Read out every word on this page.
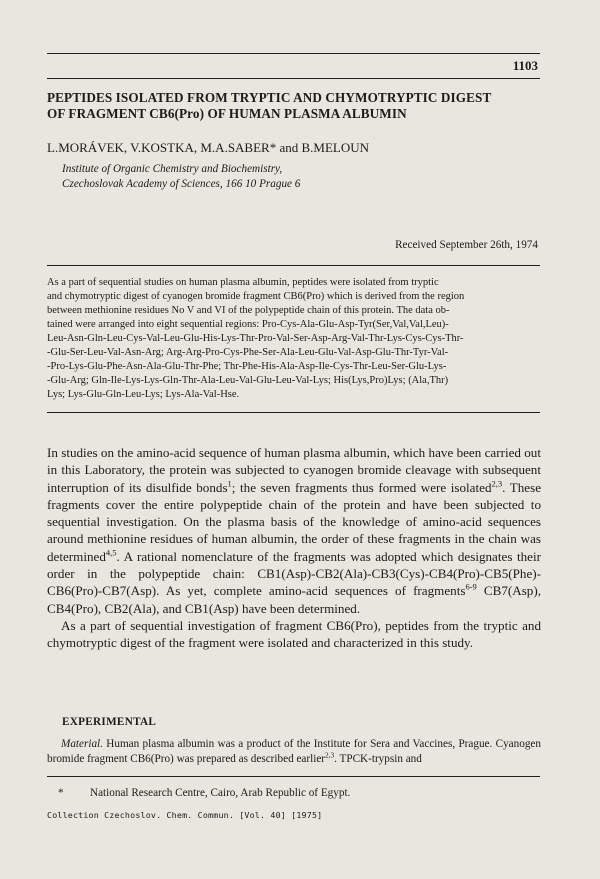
1103
PEPTIDES ISOLATED FROM TRYPTIC AND CHYMOTRYPTIC DIGEST
OF FRAGMENT CB6(Pro) OF HUMAN PLASMA ALBUMIN
L.MORÁVEK, V.KOSTKA, M.A.SABER* and B.MELOUN
Institute of Organic Chemistry and Biochemistry,
Czechoslovak Academy of Sciences, 166 10 Prague 6
Received September 26th, 1974
As a part of sequential studies on human plasma albumin, peptides were isolated from tryptic
and chymotryptic digest of cyanogen bromide fragment CB6(Pro) which is derived from the region
between methionine residues No V and VI of the polypeptide chain of this protein. The data ob-
tained were arranged into eight sequential regions: Pro-Cys-Ala-Glu-Asp-Tyr(Ser,Val,Val,Leu)-
Leu-Asn-Gln-Leu-Cys-Val-Leu-Glu-His-Lys-Thr-Pro-Val-Ser-Asp-Arg-Val-Thr-Lys-Cys-Cys-Thr-
-Glu-Ser-Leu-Val-Asn-Arg; Arg-Arg-Pro-Cys-Phe-Ser-Ala-Leu-Glu-Val-Asp-Glu-Thr-Tyr-Val-
-Pro-Lys-Glu-Phe-Asn-Ala-Glu-Thr-Phe; Thr-Phe-His-Ala-Asp-Ile-Cys-Thr-Leu-Ser-Glu-Lys-
-Glu-Arg; Gln-Ile-Lys-Lys-Gln-Thr-Ala-Leu-Val-Glu-Leu-Val-Lys; His(Lys,Pro)Lys; (Ala,Thr)
Lys; Lys-Glu-Gln-Leu-Lys; Lys-Ala-Val-Hse.

In studies on the amino-acid sequence of human plasma albumin, which have been carried out in this Laboratory, the protein was subjected to cyanogen bromide cleavage with subsequent interruption of its disulfide bonds$^1$; the seven fragments thus formed were isolated$^{2,3}$. These fragments cover the entire polypeptide chain of the protein and have been subjected to sequential investigation. On the plasma basis of the knowledge of amino-acid sequences around methionine residues of human albumin, the order of these fragments in the chain was determined$^{4,5}$. A rational nomenclature of the fragments was adopted which designates their order in the polypeptide chain: CB1(Asp)-CB2(Ala)-CB3(Cys)-CB4(Pro)-CB5(Phe)-CB6(Pro)-CB7(Asp). As yet, complete amino-acid sequences of fragments$^{6-9}$ CB7(Asp), CB4(Pro), CB2(Ala), and CB1(Asp) have been determined.

As a part of sequential investigation of fragment CB6(Pro), peptides from the tryptic and chymotryptic digest of the fragment were isolated and characterized in this study.

EXPERIMENTAL
Material. Human plasma albumin was a product of the Institute for Sera and Vaccines, Prague. Cyanogen bromide fragment CB6(Pro) was prepared as described earlier$^{2,3}$. TPCK-trypsin and
* National Research Centre, Cairo, Arab Republic of Egypt.
Collection Czechoslov. Chem. Commun. [Vol. 40] [1975]
